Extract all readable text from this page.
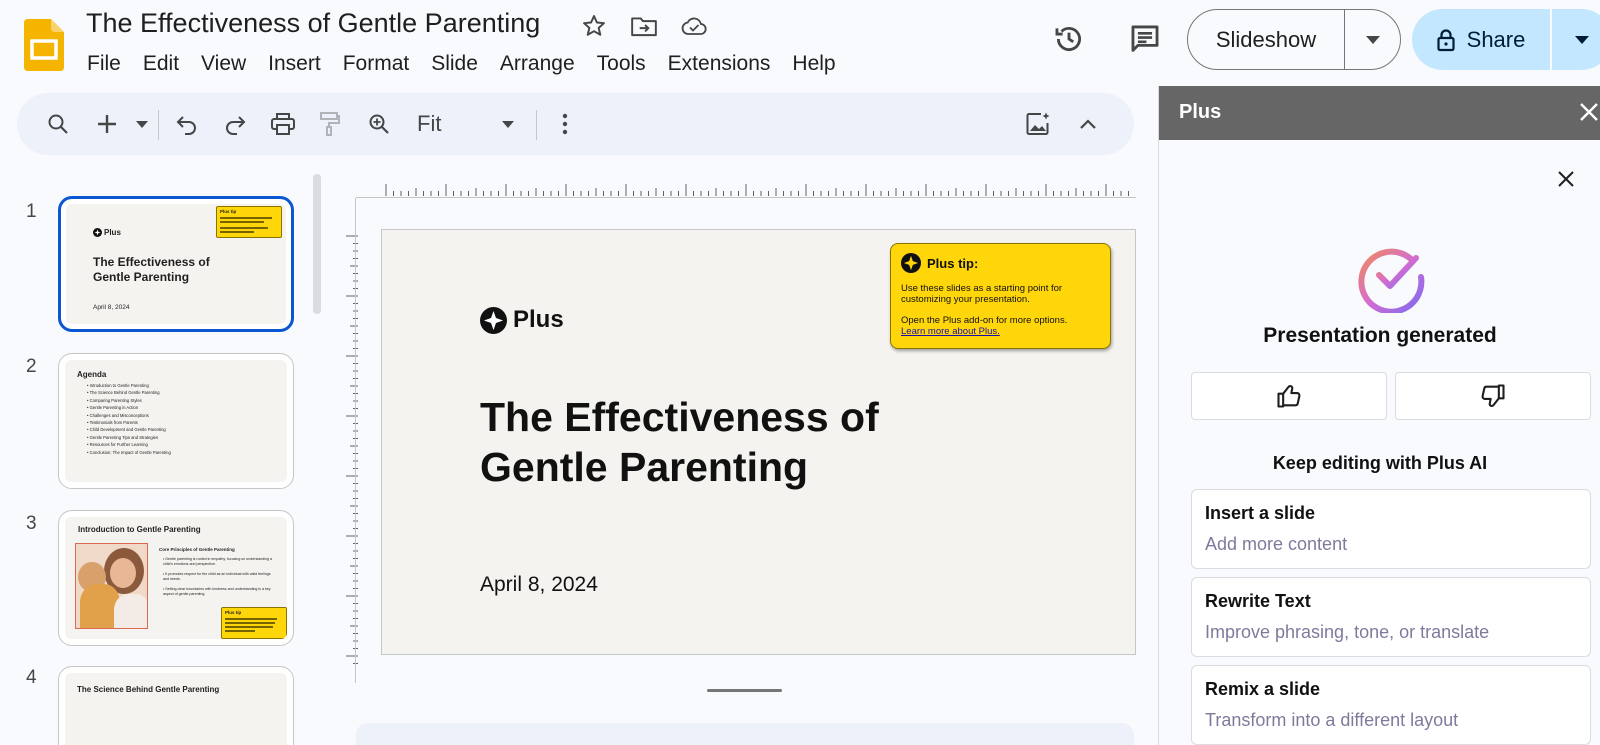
The Effectiveness of Gentle Parenting
File	Edit	View	Insert	Format	Slide	Arrange	Tools	Extensions	Help
Slideshow	Share
Fit
1
Plus
The Effectiveness of Gentle Parenting
April 8, 2024
Plus tip
2	Agenda
• Introduction to Gentle Parenting
• The Science Behind Gentle Parenting
• Comparing Parenting Styles
• Gentle Parenting in Action
• Challenges and Misconceptions
• Testimonials from Parents
• Child Development and Gentle Parenting
• Gentle Parenting Tips and Strategies
• Resources for Further Learning
• Conclusion: The Impact of Gentle Parenting
3	Introduction to Gentle Parenting
Core Principles of Gentle Parenting
• Gentle parenting is rooted in empathy, focusing on understanding a child's emotions and perspective.
• It promotes respect for the child as an individual with valid feelings and needs.
• Setting clear boundaries with kindness and understanding is a key aspect of gentle parenting.
Plus tip
4
The Science Behind Gentle Parenting
Plus
The Effectiveness of Gentle Parenting
April 8, 2024
Plus tip:
Use these slides as a starting point for customizing your presentation.
Open the Plus add-on for more options.
Learn more about Plus.
Plus
Presentation generated
Keep editing with Plus AI
Insert a slide
Add more content
Rewrite Text
Improve phrasing, tone, or translate
Remix a slide
Transform into a different layout
